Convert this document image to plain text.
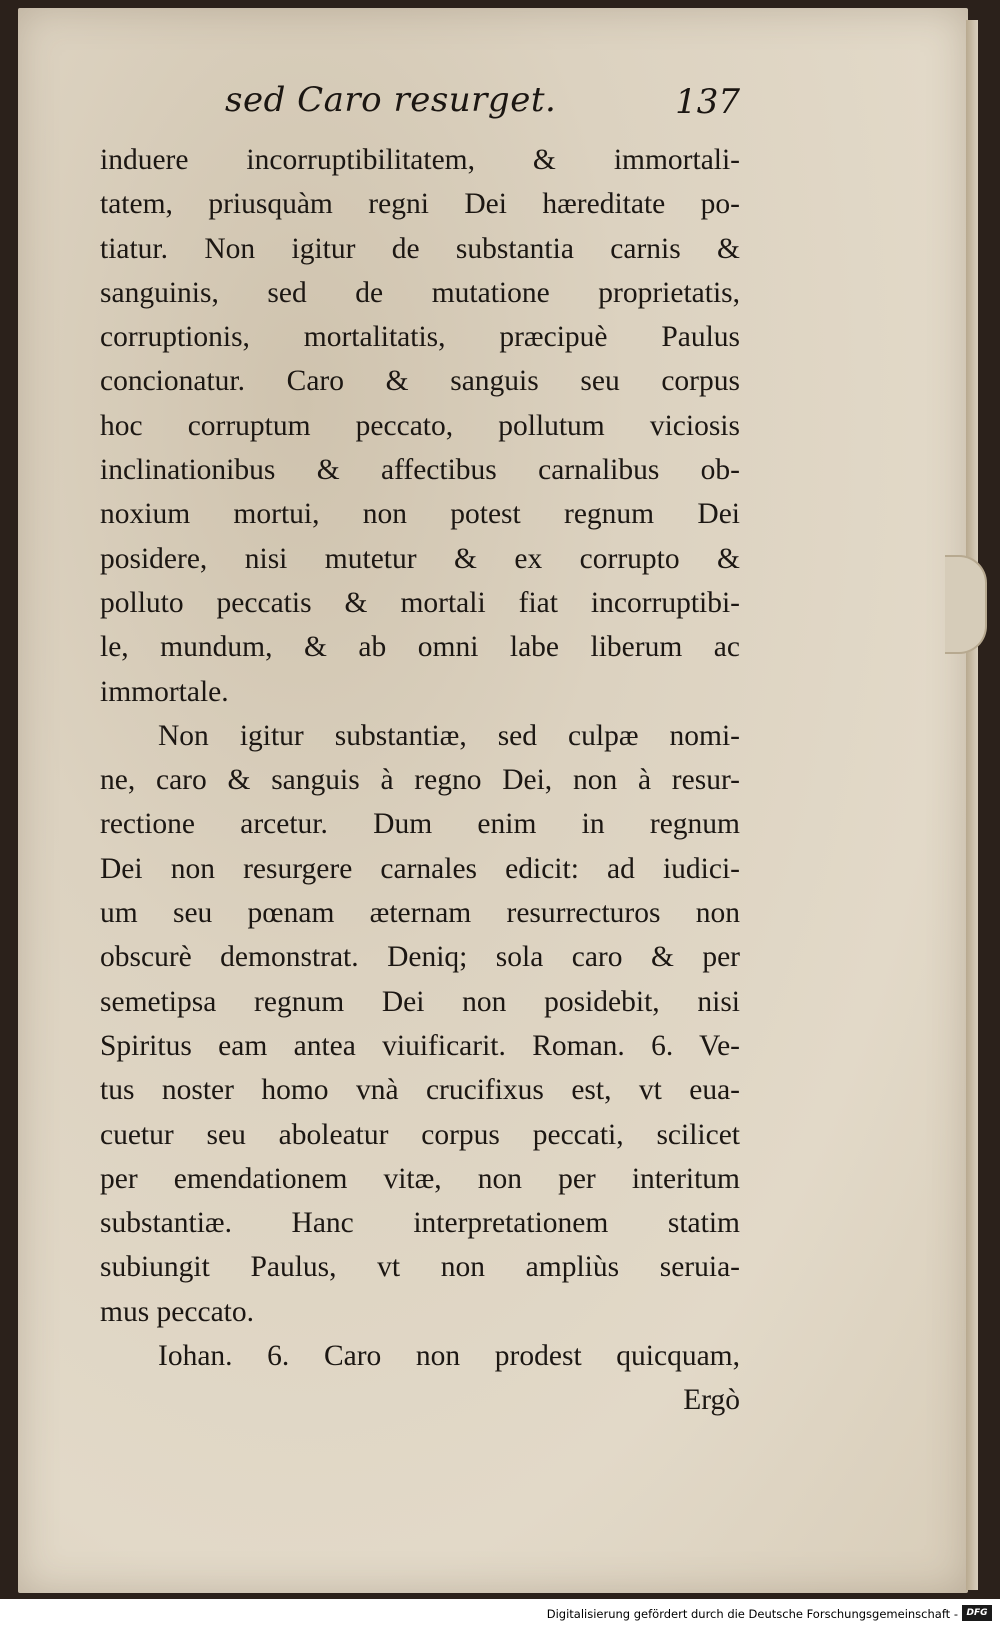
sed Caro resurget.	137
induere incorruptibilitatem, & immortali-
tatem, priusquàm regni Dei hæreditate po-
tiatur. Non igitur de substantia carnis &
sanguinis, sed de mutatione proprietatis,
corruptionis, mortalitatis, præcipuè Paulus
concionatur. Caro & sanguis seu corpus
hoc corruptum peccato, pollutum viciosis
inclinationibus & affectibus carnalibus ob-
noxium mortui, non potest regnum Dei
posidere, nisi mutetur & ex corrupto &
polluto peccatis & mortali fiat incorruptibi-
le, mundum, & ab omni labe liberum ac
immortale.
Non igitur substantiæ, sed culpæ nomi-
ne, caro & sanguis à regno Dei, non à resur-
rectione arcetur. Dum enim in regnum
Dei non resurgere carnales edicit: ad iudici-
um seu pœnam æternam resurrecturos non
obscurè demonstrat. Deniq; sola caro & per
semetipsa regnum Dei non posidebit, nisi
Spiritus eam antea viuificarit. Roman. 6. Ve-
tus noster homo vnà crucifixus est, vt eua-
cuetur seu aboleatur corpus peccati, scilicet
per emendationem vitæ, non per interitum
substantiæ. Hanc interpretationem statim
subiungit Paulus, vt non ampliùs seruia-
mus peccato.
Iohan. 6. Caro non prodest quicquam,
Ergò
Digitalisierung gefördert durch die Deutsche Forschungsgemeinschaft - DFG
